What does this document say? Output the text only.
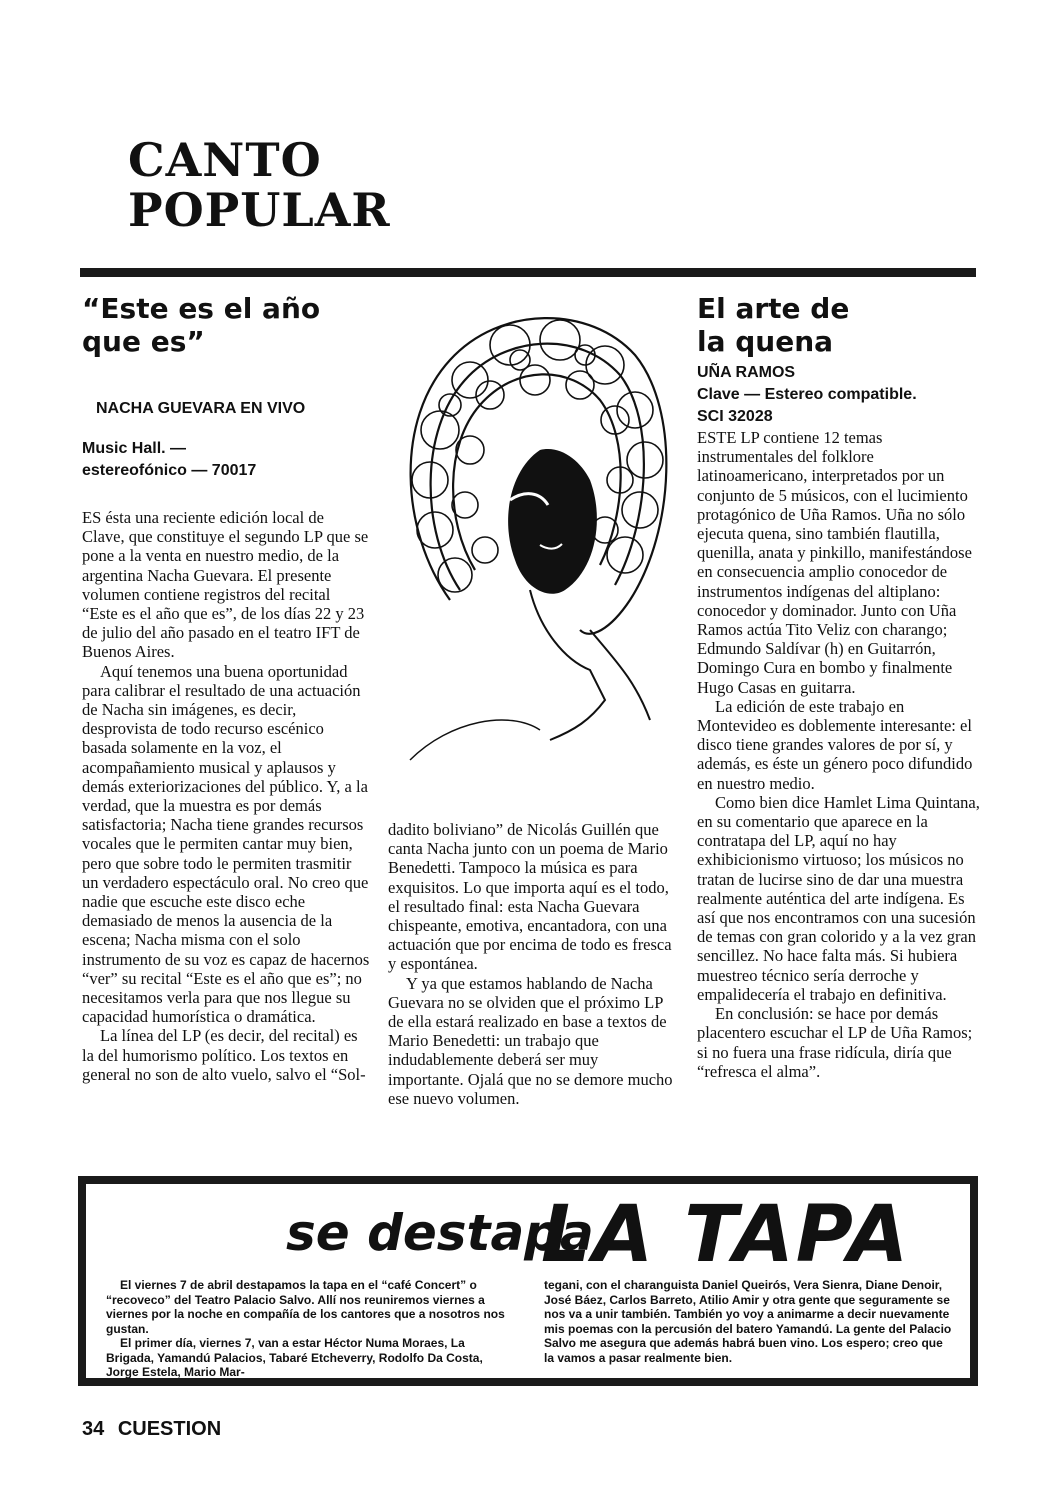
CANTO
POPULAR
“Este es el año
que es”
NACHA GUEVARA EN VIVO
Music Hall. —
estereofónico — 70017

ES ésta una reciente edición local de Clave, que constituye el segundo LP que se pone a la venta en nuestro medio, de la argentina Nacha Guevara. El presente volumen contiene registros del recital “Este es el año que es”, de los días 22 y 23 de julio del año pasado en el teatro IFT de Buenos Aires.

Aquí tenemos una buena oportunidad para calibrar el resultado de una actuación de Nacha sin imágenes, es decir, desprovista de todo recurso escénico basada solamente en la voz, el acompañamiento musical y aplausos y demás exteriorizaciones del público. Y, a la verdad, que la muestra es por demás satisfactoria; Nacha tiene grandes recursos vocales que le permiten cantar muy bien, pero que sobre todo le permiten trasmitir un verdadero espectáculo oral. No creo que nadie que escuche este disco eche demasiado de menos la ausencia de la escena; Nacha misma con el solo instrumento de su voz es capaz de hacernos “ver” su recital “Este es el año que es”; no necesitamos verla para que nos llegue su capacidad humorística o dramática.

La línea del LP (es decir, del recital) es la del humorismo político. Los textos en general no son de alto vuelo, salvo el “Sol-

dadito boliviano” de Nicolás Guillén que canta Nacha junto con un poema de Mario Benedetti. Tampoco la música es para exquisitos. Lo que importa aquí es el todo, el resultado final: esta Nacha Guevara chispeante, emotiva, encantadora, con una actuación que por encima de todo es fresca y espontánea.

Y ya que estamos hablando de Nacha Guevara no se olviden que el próximo LP de ella estará realizado en base a textos de Mario Benedetti: un trabajo que indudablemente deberá ser muy importante. Ojalá que no se demore mucho ese nuevo volumen.

El arte de
la quena
UÑA RAMOS
Clave — Estereo compatible.
SCI 32028

ESTE LP contiene 12 temas instrumentales del folklore latinoamericano, interpretados por un conjunto de 5 músicos, con el lucimiento protagónico de Uña Ramos. Uña no sólo ejecuta quena, sino también flautilla, quenilla, anata y pinkillo, manifestándose en consecuencia amplio conocedor de instrumentos indígenas del altiplano: conocedor y dominador. Junto con Uña Ramos actúa Tito Veliz con charango; Edmundo Saldívar (h) en Guitarrón, Domingo Cura en bombo y finalmente Hugo Casas en guitarra.

La edición de este trabajo en Montevideo es doblemente interesante: el disco tiene grandes valores de por sí, y además, es éste un género poco difundido en nuestro medio.

Como bien dice Hamlet Lima Quintana, en su comentario que aparece en la contratapa del LP, aquí no hay exhibicionismo virtuoso; los músicos no tratan de lucirse sino de dar una muestra realmente auténtica del arte indígena. Es así que nos encontramos con una sucesión de temas con gran colorido y a la vez gran sencillez. No hace falta más. Si hubiera muestreo técnico sería derroche y empalidecería el trabajo en definitiva.

En conclusión: se hace por demás placentero escuchar el LP de Uña Ramos; si no fuera una frase ridícula, diría que “refresca el alma”.

se destapa
LA TAPA

El viernes 7 de abril destapamos la tapa en el “café Concert” o “recoveco” del Teatro Palacio Salvo. Allí nos reuniremos viernes a viernes por la noche en compañía de los cantores que a nosotros nos gustan.

El primer día, viernes 7, van a estar Héctor Numa Moraes, La Brigada, Yamandú Palacios, Tabaré Etcheverry, Rodolfo Da Costa, Jorge Estela, Mario Mar-

tegani, con el charanguista Daniel Queirós, Vera Sienra, Diane Denoir, José Báez, Carlos Barreto, Atilio Amir y otra gente que seguramente se nos va a unir también. También yo voy a animarme a decir nuevamente mis poemas con la percusión del batero Yamandú. La gente del Palacio Salvo me asegura que además habrá buen vino. Los espero; creo que la vamos a pasar realmente bien.

34 CUESTION
